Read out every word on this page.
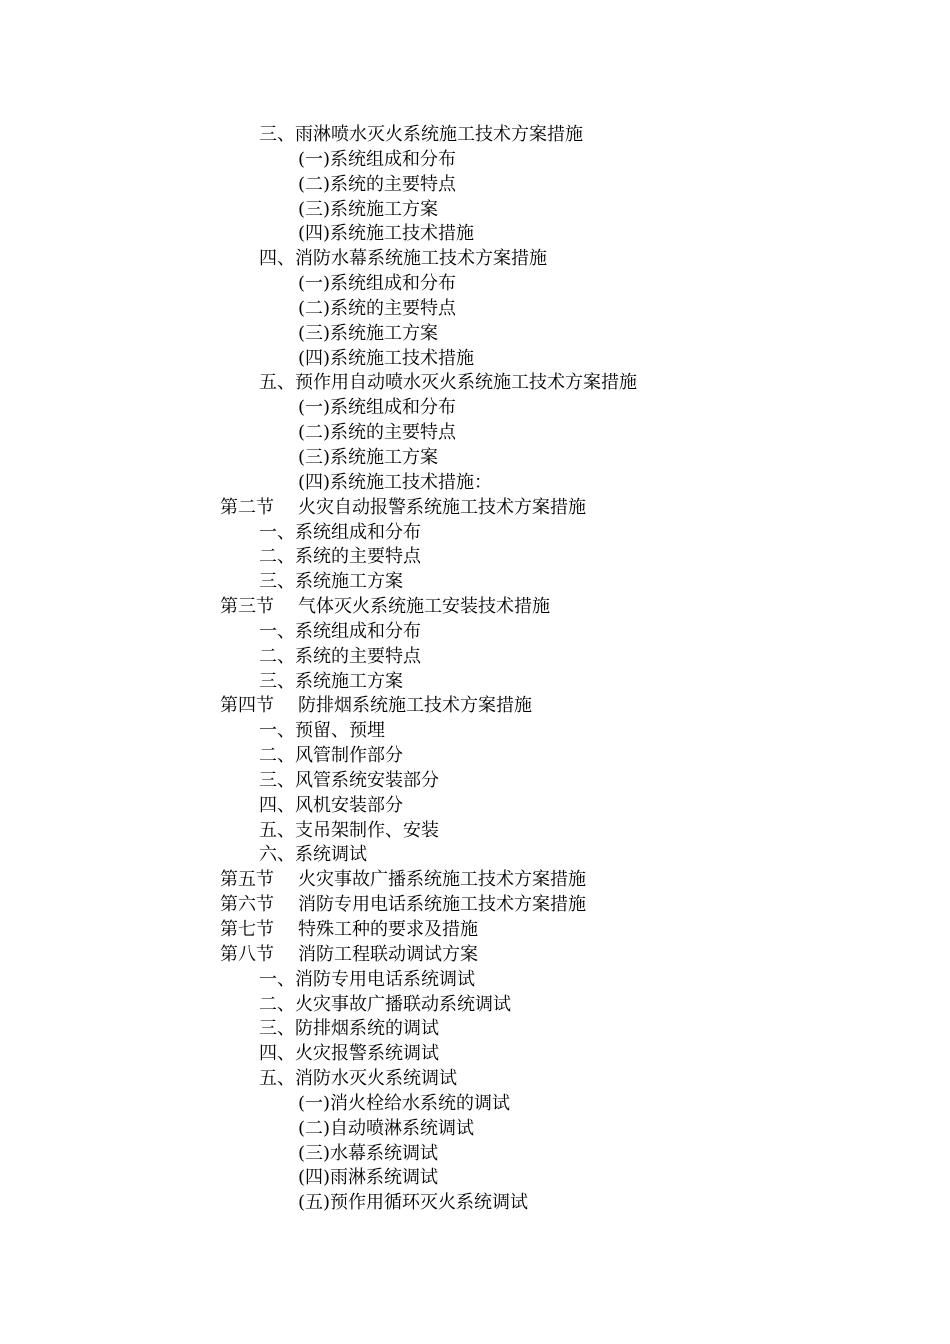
三、雨淋喷水灭火系统施工技术方案措施
(一)系统组成和分布
(二)系统的主要特点
(三)系统施工方案
(四)系统施工技术措施
四、消防水幕系统施工技术方案措施
(一)系统组成和分布
(二)系统的主要特点
(三)系统施工方案
(四)系统施工技术措施
五、预作用自动喷水灭火系统施工技术方案措施
(一)系统组成和分布
(二)系统的主要特点
(三)系统施工方案
(四)系统施工技术措施：
第二节 火灾自动报警系统施工技术方案措施
一、系统组成和分布
二、系统的主要特点
三、系统施工方案
第三节 气体灭火系统施工安装技术措施
一、系统组成和分布
二、系统的主要特点
三、系统施工方案
第四节 防排烟系统施工技术方案措施
一、预留、预埋
二、风管制作部分
三、风管系统安装部分
四、风机安装部分
五、支吊架制作、安装
六、系统调试
第五节 火灾事故广播系统施工技术方案措施
第六节 消防专用电话系统施工技术方案措施
第七节 特殊工种的要求及措施
第八节 消防工程联动调试方案
一、消防专用电话系统调试
二、火灾事故广播联动系统调试
三、防排烟系统的调试
四、火灾报警系统调试
五、消防水灭火系统调试
(一)消火栓给水系统的调试
(二)自动喷淋系统调试
(三)水幕系统调试
(四)雨淋系统调试
(五)预作用循环灭火系统调试
